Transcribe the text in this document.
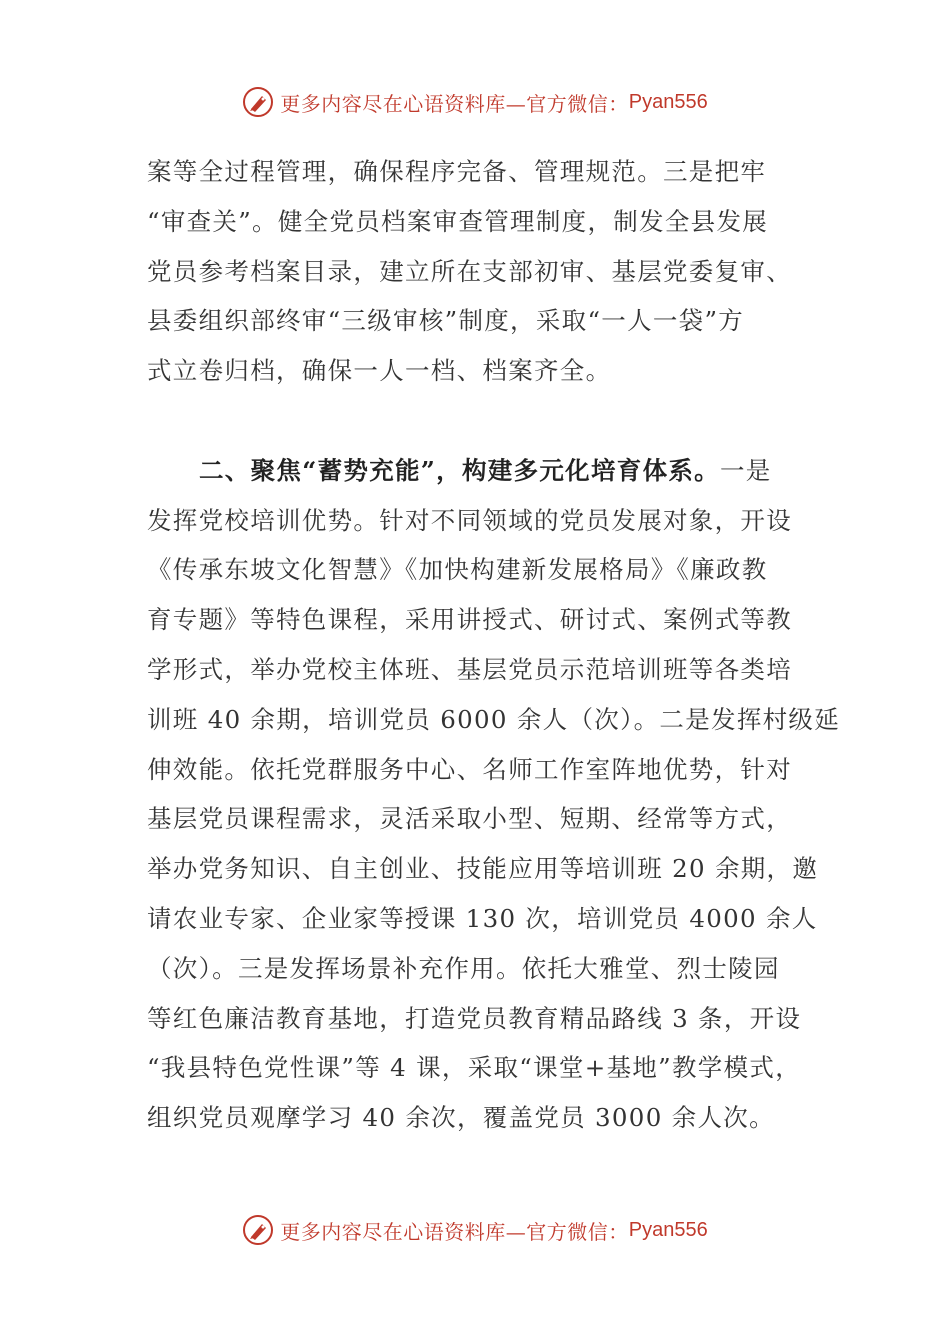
更多内容尽在心语资料库—官方微信： Pyan556
案等全过程管理，确保程序完备、管理规范。三是把牢
“审查关”。健全党员档案审查管理制度，制发全县发展
党员参考档案目录，建立所在支部初审、基层党委复审、
县委组织部终审“三级审核”制度，采取“一人一袋”方
式立卷归档，确保一人一档、档案齐全。
二、聚焦“蓄势充能”，构建多元化培育体系。一是
发挥党校培训优势。针对不同领域的党员发展对象，开设
《传承东坡文化智慧》《加快构建新发展格局》《廉政教
育专题》等特色课程，采用讲授式、研讨式、案例式等教
学形式，举办党校主体班、基层党员示范培训班等各类培
训班 40 余期，培训党员 6000 余人（次）。二是发挥村级延
伸效能。依托党群服务中心、名师工作室阵地优势，针对
基层党员课程需求，灵活采取小型、短期、经常等方式，
举办党务知识、自主创业、技能应用等培训班 20 余期，邀
请农业专家、企业家等授课 130 次，培训党员 4000 余人
（次）。三是发挥场景补充作用。依托大雅堂、烈士陵园
等红色廉洁教育基地，打造党员教育精品路线 3 条，开设
“我县特色党性课”等 4 课，采取“课堂+基地”教学模式，
组织党员观摩学习 40 余次，覆盖党员 3000 余人次。
更多内容尽在心语资料库—官方微信： Pyan556
